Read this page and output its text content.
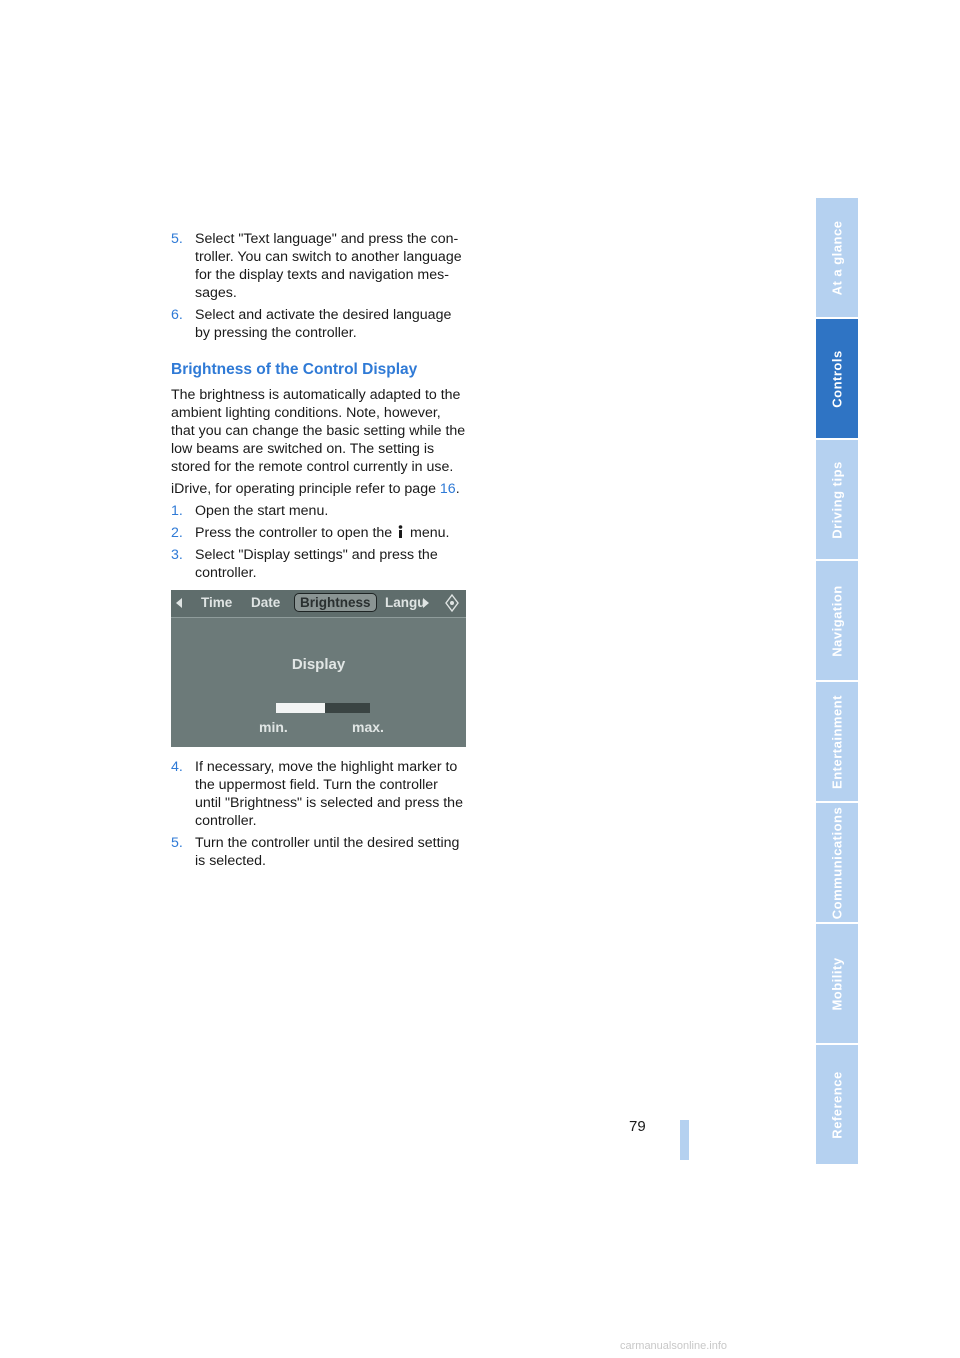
5. Select "Text language" and press the con-troller. You can switch to another language for the display texts and navigation mes-sages.
6. Select and activate the desired language by pressing the controller.
Brightness of the Control Display

The brightness is automatically adapted to the ambient lighting conditions. Note, however, that you can change the basic setting while the low beams are switched on. The setting is stored for the remote control currently in use.

iDrive, for operating principle refer to page 16.

1. Open the start menu.
2. Press the controller to open the  menu.
3. Select "Display settings" and press the controller.
Time Date	Brightness	Langu
Display
min.	max.
4. If necessary, move the highlight marker to the uppermost field. Turn the controller until "Brightness" is selected and press the controller.
5. Turn the controller until the desired setting is selected.
At a glance
Controls
Driving tips
Navigation
Entertainment
Communications
Mobility
Reference
79
carmanualsonline.info
